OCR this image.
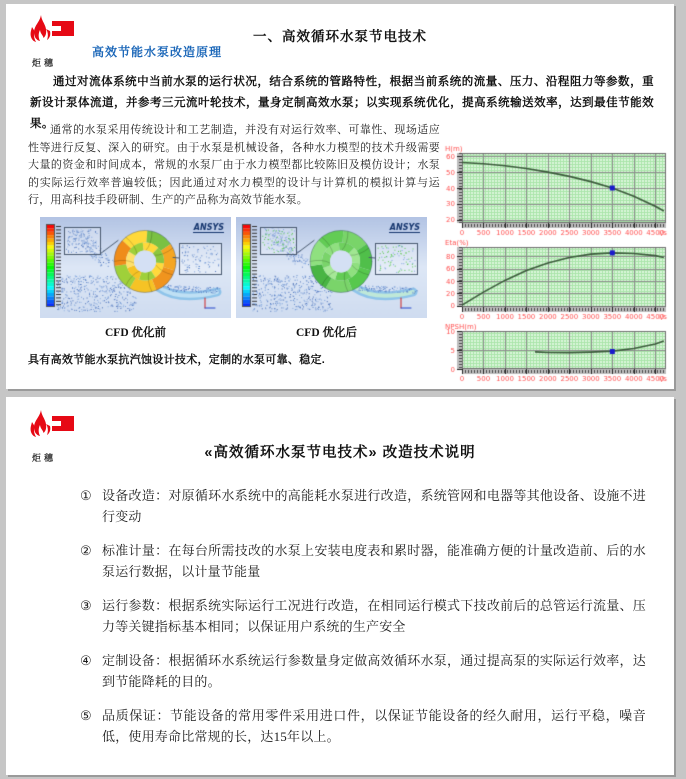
炬穗
一、高效循环水泵节电技术
高效节能水泵改造原理
通过对流体系统中当前水泵的运行状况，结合系统的管路特性，根据当前系统的流量、压力、沿程阻力等参数，重新设计泵体流道，并参考三元流叶轮技术，量身定制高效水泵；以实现系统优化，提高系统输送效率，达到最佳节能效果。
通常的水泵采用传统设计和工艺制造，并没有对运行效率、可靠性、现场适应性等进行反复、深入的研究。由于水泵是机械设备，各种水力模型的技术升级需要大量的资金和时间成本，常规的水泵厂由于水力模型都比较陈旧及模仿设计；水泵的实际运行效率普遍较低；因此通过对水力模型的设计与计算机的模拟计算与运行，用高科技手段研制、生产的产品称为高效节能水泵。
CFD 优化前	CFD 优化后
具有高效节能水泵抗汽蚀设计技术，定制的水泵可靠、稳定.
炬穗	«高效循环水泵节电技术» 改造技术说明
① 设备改造：对原循环水系统中的高能耗水泵进行改造，系统管网和电器等其他设备、设施不进行变动
② 标准计量：在每台所需技改的水泵上安装电度表和累时器，能准确方便的计量改造前、后的水泵运行数据，以计量节能量
③ 运行参数：根据系统实际运行工况进行改造，在相同运行模式下技改前后的总管运行流量、压力等关键指标基本相同；以保证用户系统的生产安全
④ 定制设备：根据循环水系统运行参数量身定做高效循环水泵，通过提高泵的实际运行效率，达到节能降耗的目的。
⑤ 品质保证：节能设备的常用零件采用进口件，以保证节能设备的经久耐用，运行平稳，噪音低，使用寿命比常规的长，达15年以上。
